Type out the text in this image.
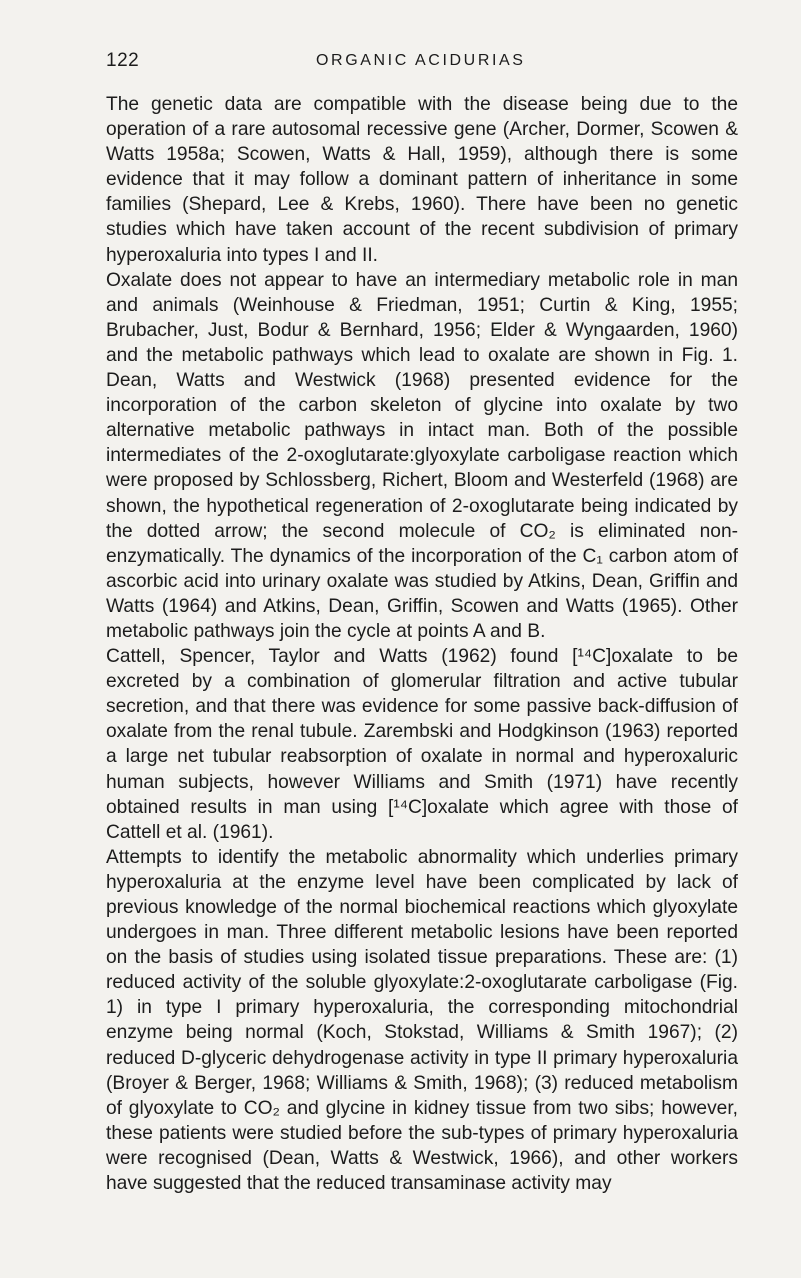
122	ORGANIC ACIDURIAS

The genetic data are compatible with the disease being due to the operation of a rare autosomal recessive gene (Archer, Dormer, Scowen & Watts 1958a; Scowen, Watts & Hall, 1959), although there is some evidence that it may follow a dominant pattern of inheritance in some families (Shepard, Lee & Krebs, 1960). There have been no genetic studies which have taken account of the recent subdivision of primary hyperoxaluria into types I and II.

Oxalate does not appear to have an intermediary metabolic role in man and animals (Weinhouse & Friedman, 1951; Curtin & King, 1955; Brubacher, Just, Bodur & Bernhard, 1956; Elder & Wyngaarden, 1960) and the metabolic pathways which lead to oxalate are shown in Fig. 1. Dean, Watts and Westwick (1968) presented evidence for the incorporation of the carbon skeleton of glycine into oxalate by two alternative metabolic pathways in intact man. Both of the possible intermediates of the 2-oxoglutarate:glyoxylate carboligase reaction which were proposed by Schlossberg, Richert, Bloom and Westerfeld (1968) are shown, the hypothetical regeneration of 2-oxoglutarate being indicated by the dotted arrow; the second molecule of CO₂ is eliminated non-enzymatically. The dynamics of the incorporation of the C₁ carbon atom of ascorbic acid into urinary oxalate was studied by Atkins, Dean, Griffin and Watts (1964) and Atkins, Dean, Griffin, Scowen and Watts (1965). Other metabolic pathways join the cycle at points A and B.

Cattell, Spencer, Taylor and Watts (1962) found [¹⁴C]oxalate to be excreted by a combination of glomerular filtration and active tubular secretion, and that there was evidence for some passive back-diffusion of oxalate from the renal tubule. Zarembski and Hodgkinson (1963) reported a large net tubular reabsorption of oxalate in normal and hyperoxaluric human subjects, however Williams and Smith (1971) have recently obtained results in man using [¹⁴C]oxalate which agree with those of Cattell et al. (1961).

Attempts to identify the metabolic abnormality which underlies primary hyperoxaluria at the enzyme level have been complicated by lack of previous knowledge of the normal biochemical reactions which glyoxylate undergoes in man. Three different metabolic lesions have been reported on the basis of studies using isolated tissue preparations. These are: (1) reduced activity of the soluble glyoxylate:2-oxoglutarate carboligase (Fig. 1) in type I primary hyperoxaluria, the corresponding mitochondrial enzyme being normal (Koch, Stokstad, Williams & Smith 1967); (2) reduced D-glyceric dehydrogenase activity in type II primary hyperoxaluria (Broyer & Berger, 1968; Williams & Smith, 1968); (3) reduced metabolism of glyoxylate to CO₂ and glycine in kidney tissue from two sibs; however, these patients were studied before the sub-types of primary hyperoxaluria were recognised (Dean, Watts & Westwick, 1966), and other workers have suggested that the reduced transaminase activity may
